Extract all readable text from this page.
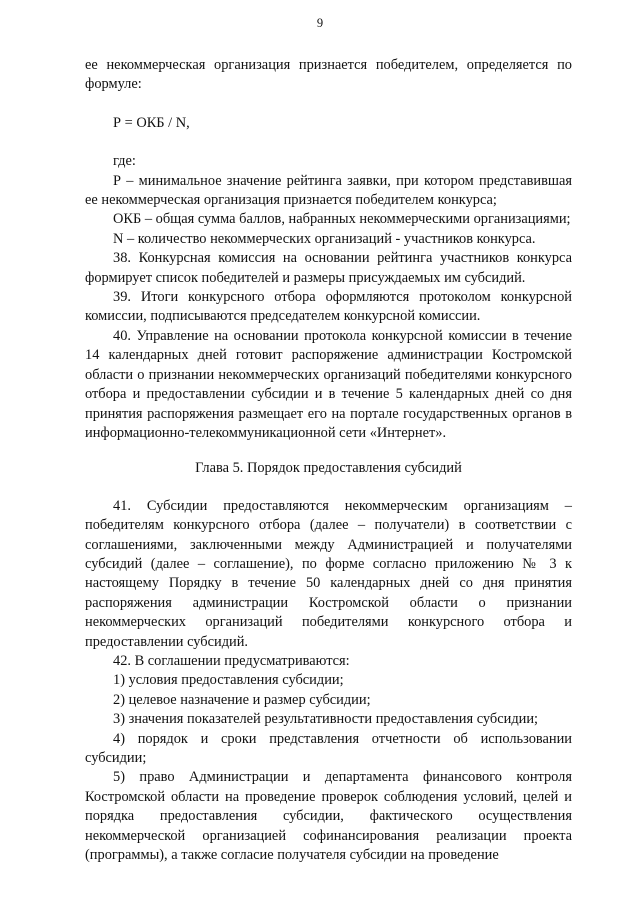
9

ее некоммерческая организация признается победителем, определяется по формуле:

Р = ОКБ / N,

где:

Р – минимальное значение рейтинга заявки, при котором представившая ее некоммерческая организация признается победителем конкурса;

ОКБ – общая сумма баллов, набранных некоммерческими организациями;

N – количество некоммерческих организаций - участников конкурса.

38. Конкурсная комиссия на основании рейтинга участников конкурса формирует список победителей и размеры присуждаемых им субсидий.

39. Итоги конкурсного отбора оформляются протоколом конкурсной комиссии, подписываются председателем конкурсной комиссии.

40. Управление на основании протокола конкурсной комиссии в течение 14 календарных дней готовит распоряжение администрации Костромской области о признании некоммерческих организаций победителями конкурсного отбора и предоставлении субсидии и в течение 5 календарных дней со дня принятия распоряжения размещает его на портале государственных органов в информационно-телекоммуникационной сети «Интернет».

Глава 5. Порядок предоставления субсидий

41. Субсидии предоставляются некоммерческим организациям – победителям конкурсного отбора (далее – получатели) в соответствии с соглашениями, заключенными между Администрацией и получателями субсидий (далее – соглашение), по форме согласно приложению № 3 к настоящему Порядку в течение 50 календарных дней со дня принятия распоряжения администрации Костромской области о признании некоммерческих организаций победителями конкурсного отбора и предоставлении субсидий.

42. В соглашении предусматриваются:

1) условия предоставления субсидии;

2) целевое назначение и размер субсидии;

3) значения показателей результативности предоставления субсидии;

4) порядок и сроки представления отчетности об использовании субсидии;

5) право Администрации и департамента финансового контроля Костромской области на проведение проверок соблюдения условий, целей и порядка предоставления субсидии, фактического осуществления некоммерческой организацией софинансирования реализации проекта (программы), а также согласие получателя субсидии на проведение
